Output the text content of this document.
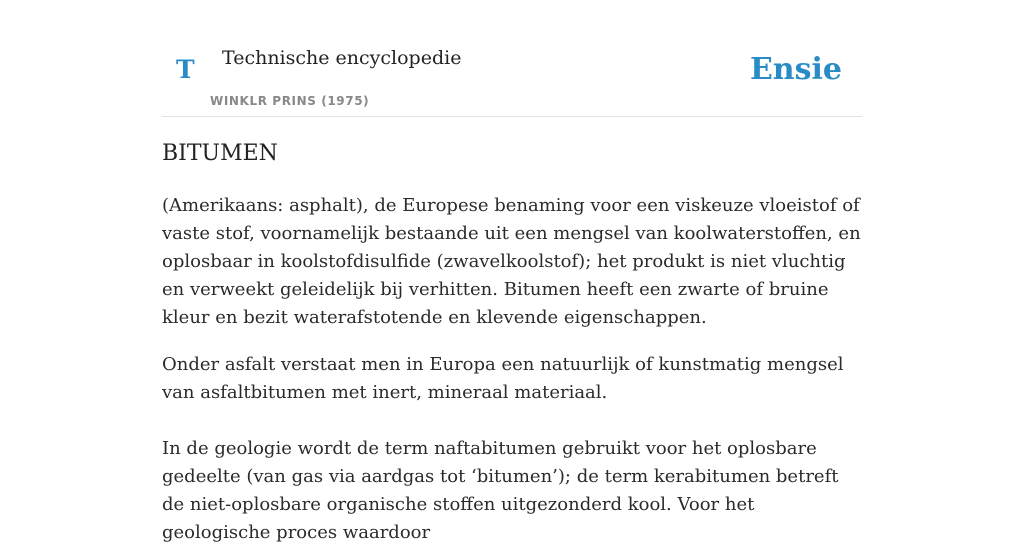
T Technische encyclopedie
WINKLR PRINS (1975)
Ensie
BITUMEN

(Amerikaans: asphalt), de Europese benaming voor een viskeuze vloeistof of vaste stof, voornamelijk bestaande uit een mengsel van koolwaterstoffen, en oplosbaar in koolstofdisulfide (zwavelkoolstof); het produkt is niet vluchtig en verweekt geleidelijk bij verhitten. Bitumen heeft een zwarte of bruine kleur en bezit waterafstotende en klevende eigenschappen.

Onder asfalt verstaat men in Europa een natuurlijk of kunstmatig mengsel van asfaltbitumen met inert, mineraal materiaal.

In de geologie wordt de term naftabitumen gebruikt voor het oplosbare gedeelte (van gas via aardgas tot ‘bitumen’); de term kerabitumen betreft de niet-oplosbare organische stoffen uitgezonderd kool. Voor het geologische proces waardoor
